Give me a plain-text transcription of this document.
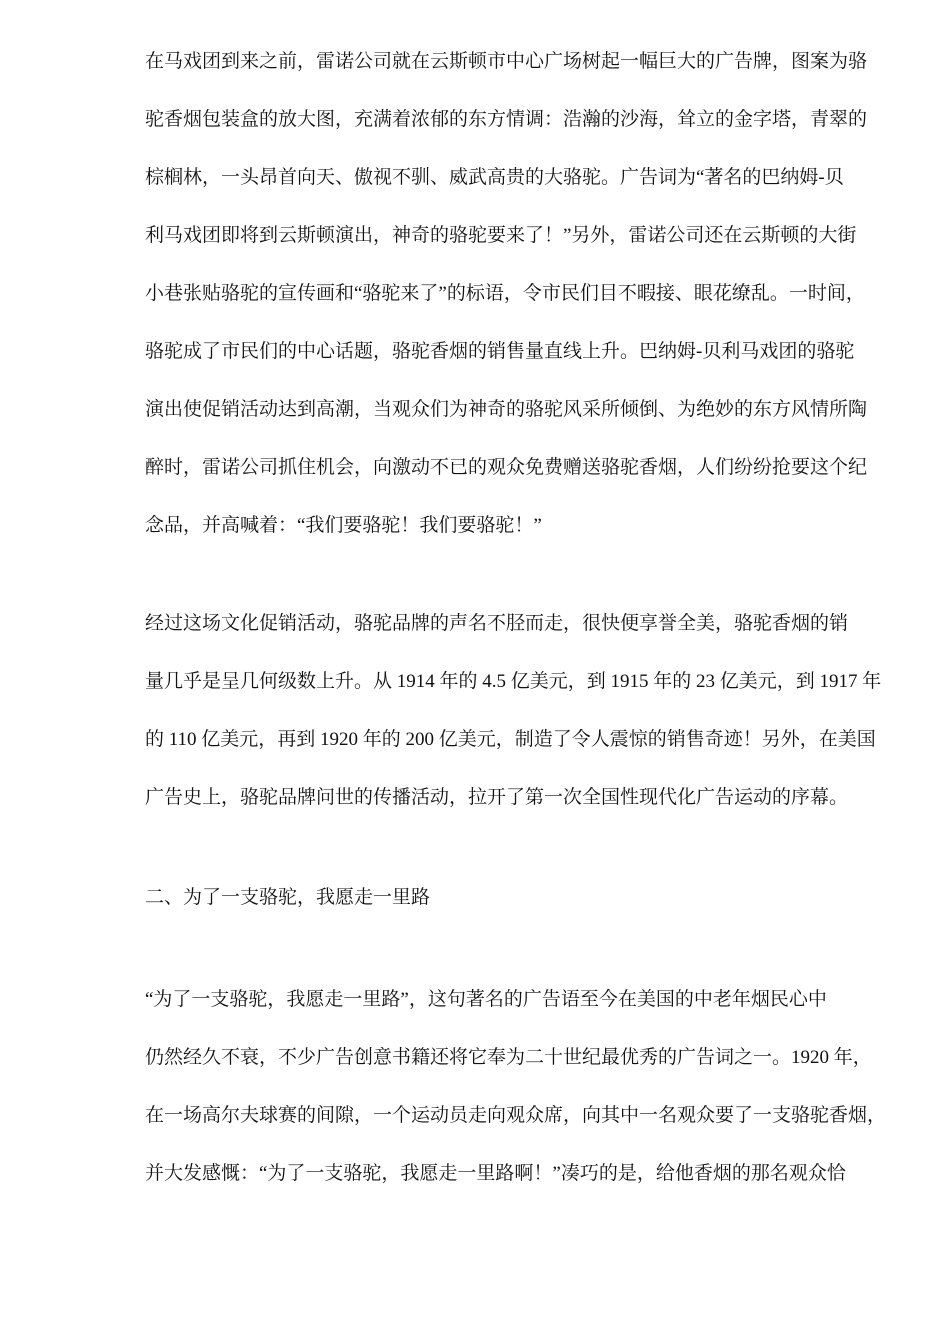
在马戏团到来之前，雷诺公司就在云斯顿市中心广场树起一幅巨大的广告牌，图案为骆
驼香烟包装盒的放大图，充满着浓郁的东方情调：浩瀚的沙海，耸立的金字塔，青翠的
棕榈林，一头昂首向天、傲视不驯、威武高贵的大骆驼。广告词为“著名的巴纳姆-贝
利马戏团即将到云斯顿演出，神奇的骆驼要来了！”另外，雷诺公司还在云斯顿的大街
小巷张贴骆驼的宣传画和“骆驼来了”的标语，令市民们目不暇接、眼花缭乱。一时间，
骆驼成了市民们的中心话题，骆驼香烟的销售量直线上升。巴纳姆-贝利马戏团的骆驼
演出使促销活动达到高潮，当观众们为神奇的骆驼风采所倾倒、为绝妙的东方风情所陶
醉时，雷诺公司抓住机会，向激动不已的观众免费赠送骆驼香烟，人们纷纷抢要这个纪
念品，并高喊着：“我们要骆驼！我们要骆驼！”
经过这场文化促销活动，骆驼品牌的声名不胫而走，很快便享誉全美，骆驼香烟的销
量几乎是呈几何级数上升。从 1914 年的 4.5 亿美元，到 1915 年的 23 亿美元，到 1917 年
的 110 亿美元，再到 1920 年的 200 亿美元，制造了令人震惊的销售奇迹！另外，在美国
广告史上，骆驼品牌问世的传播活动，拉开了第一次全国性现代化广告运动的序幕。
二、为了一支骆驼，我愿走一里路
“为了一支骆驼，我愿走一里路”，这句著名的广告语至今在美国的中老年烟民心中
仍然经久不衰，不少广告创意书籍还将它奉为二十世纪最优秀的广告词之一。1920 年，
在一场高尔夫球赛的间隙，一个运动员走向观众席，向其中一名观众要了一支骆驼香烟，
并大发感慨：“为了一支骆驼，我愿走一里路啊！”凑巧的是，给他香烟的那名观众恰
